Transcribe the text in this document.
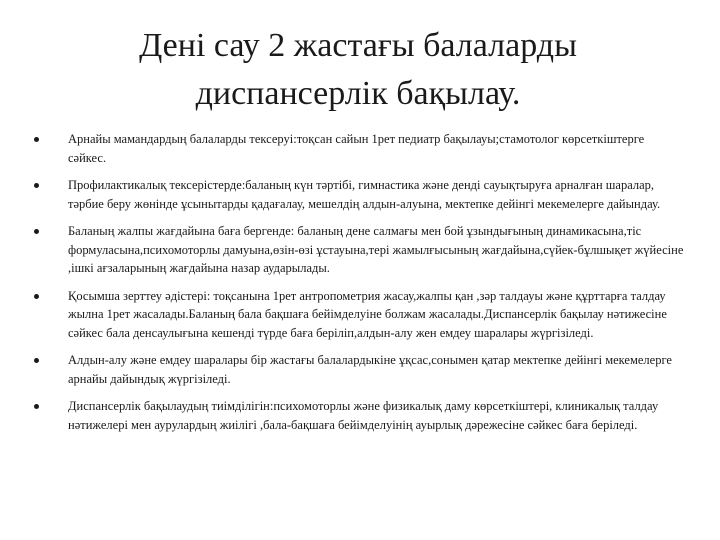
Дені сау 2 жастағы балаларды
диспансерлік бақылау.
Арнайы мамандардың балаларды тексеруі:тоқсан сайын 1рет педиатр бақылауы;стамотолог көрсеткіштерге сәйкес.
Профилактикалық тексерістерде:баланың күн тәртібі, гимнастика және денді сауықтыруға арналған шаралар, тәрбие беру жөнінде ұсынытарды қадағалау, мешелдің алдын-алуына, мектепке дейінгі мекемелерге дайындау.
Баланың жалпы жағдайына баға бергенде: баланың дене салмағы мен бой ұзындығының динамикасына,тіс формуласына,психомоторлы дамуына,өзін-өзі ұстауына,тері жамылғысының жағдайына,сүйек-бұлшықет жүйесіне ,ішкі ағзаларының жағдайына назар аударылады.
Қосымша зерттеу әдістері: тоқсанына 1рет антропометрия жасау,жалпы қан ,зәр талдауы және құрттарға талдау жылна 1рет жасалады.Баланың бала бақшаға бейімделуіне болжам жасалады.Диспансерлік бақылау нәтижесіне сәйкес бала денсаулығына кешенді түрде баға беріліп,алдын-алу жен емдеу шаралары жүргізіледі.
Алдын-алу және емдеу шаралары бір жастағы балалардыкіне ұқсас,сонымен қатар мектепке дейінгі мекемелерге арнайы дайындық жүргізіледі.
Диспансерлік бақылаудың тиімділігін:психомоторлы және физикалық даму көрсеткіштері, клиникалық талдау нәтижелері мен аурулардың жиілігі ,бала-бақшаға бейімделуінің ауырлық дәрежесіне сәйкес баға беріледі.
